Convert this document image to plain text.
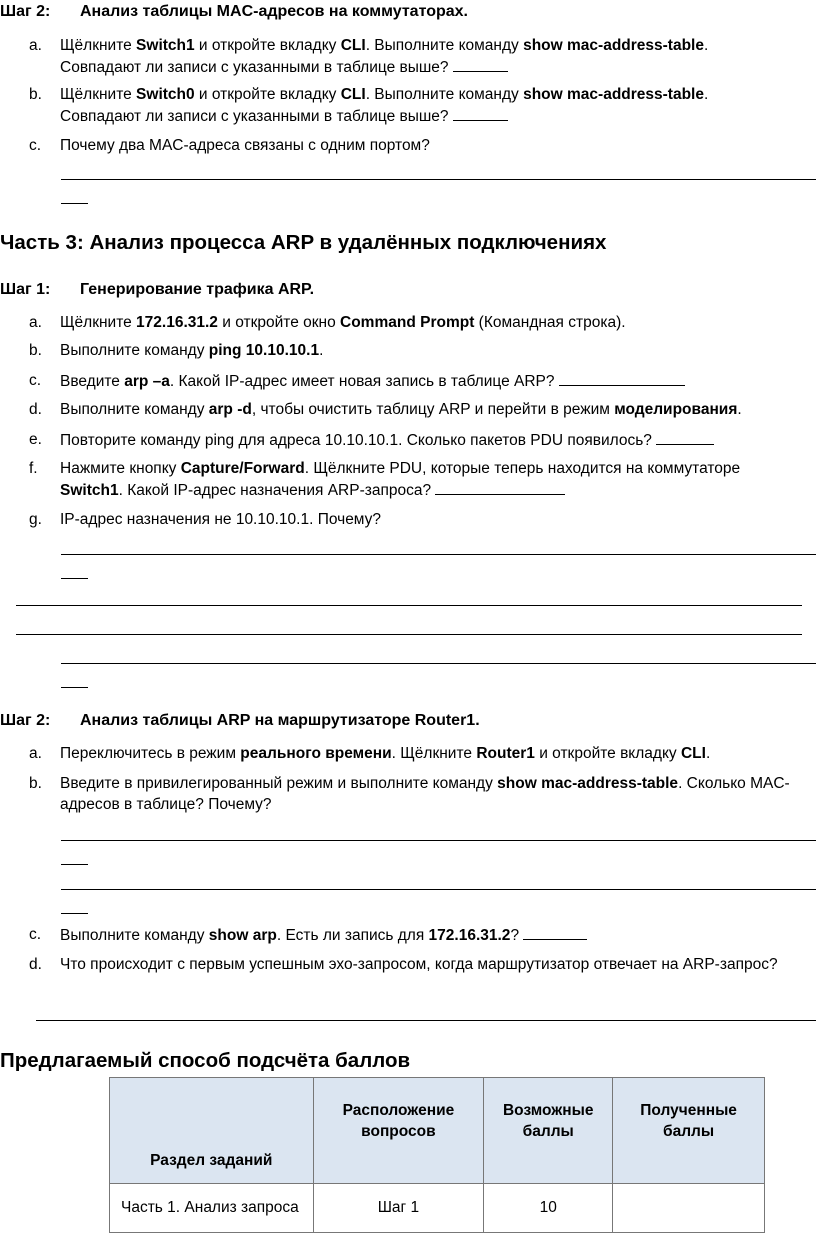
Шаг 2: Анализ таблицы MAC-адресов на коммутаторах.
a. Щёлкните Switch1 и откройте вкладку CLI. Выполните команду show mac-address-table.
Совпадают ли записи с указанными в таблице выше?
b. Щёлкните Switch0 и откройте вкладку CLI. Выполните команду show mac-address-table.
Совпадают ли записи с указанными в таблице выше?
c. Почему два MAC-адреса связаны с одним портом?
Часть 3: Анализ процесса ARP в удалённых подключениях
Шаг 1: Генерирование трафика ARP.
a. Щёлкните 172.16.31.2 и откройте окно Command Prompt (Командная строка).
b. Выполните команду ping 10.10.10.1.
c. Введите arp –a. Какой IP-адрес имеет новая запись в таблице ARP?
d. Выполните команду arp -d, чтобы очистить таблицу ARP и перейти в режим моделирования.
e. Повторите команду ping для адреса 10.10.10.1. Сколько пакетов PDU появилось?
f. Нажмите кнопку Capture/Forward. Щёлкните PDU, которые теперь находится на коммутаторе
Switch1. Какой IP-адрес назначения ARP-запроса?
g. IP-адрес назначения не 10.10.10.1. Почему?
Шаг 2: Анализ таблицы ARP на маршрутизаторе Router1.
a. Переключитесь в режим реального времени. Щёлкните Router1 и откройте вкладку CLI.
b. Введите в привилегированный режим и выполните команду show mac-address-table. Сколько MAC-адресов в таблице? Почему?
c. Выполните команду show arp. Есть ли запись для 172.16.31.2?
d. Что происходит с первым успешным эхо-запросом, когда маршрутизатор отвечает на ARP-запрос?
Предлагаемый способ подсчёта баллов
Раздел заданий	Расположение вопросов	Возможные баллы	Полученные баллы
Часть 1. Анализ запроса	Шаг 1	10	
